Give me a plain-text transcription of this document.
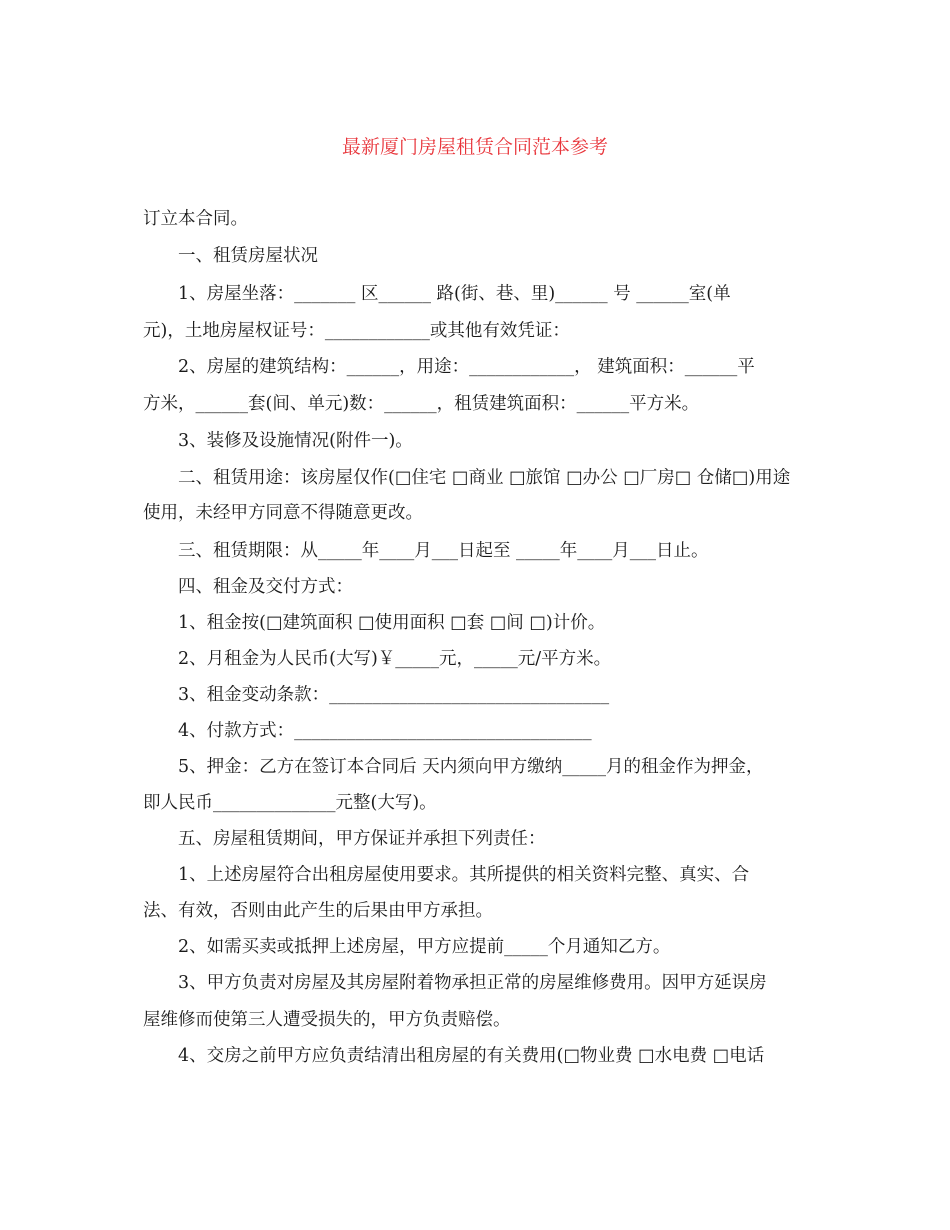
最新厦门房屋租赁合同范本参考
订立本合同。
　　一、租赁房屋状况
　　1、房屋坐落：_______ 区______ 路(街、巷、里)______ 号 ______室(单
元)，土地房屋权证号：____________或其他有效凭证：
　　2、房屋的建筑结构：______，用途：____________， 建筑面积：______平
方米，______套(间、单元)数：______，租赁建筑面积：______平方米。
　　3、装修及设施情况(附件一)。
　　二、租赁用途：该房屋仅作(□住宅 □商业 □旅馆 □办公 □厂房□ 仓储□)用途
使用，未经甲方同意不得随意更改。
　　三、租赁期限：从_____年____月___日起至 _____年____月___日止。
　　四、租金及交付方式：
　　1、租金按(□建筑面积 □使用面积 □套 □间 □)计价。
　　2、月租金为人民币(大写)￥_____元，_____元/平方米。
　　3、租金变动条款：________________________________
　　4、付款方式：__________________________________
　　5、押金：乙方在签订本合同后 天内须向甲方缴纳_____月的租金作为押金，
即人民币______________元整(大写)。
　　五、房屋租赁期间，甲方保证并承担下列责任：
　　1、上述房屋符合出租房屋使用要求。其所提供的相关资料完整、真实、合
法、有效，否则由此产生的后果由甲方承担。
　　2、如需买卖或抵押上述房屋，甲方应提前_____个月通知乙方。
　　3、甲方负责对房屋及其房屋附着物承担正常的房屋维修费用。因甲方延误房
屋维修而使第三人遭受损失的，甲方负责赔偿。
　　4、交房之前甲方应负责结清出租房屋的有关费用(□物业费 □水电费 □电话
